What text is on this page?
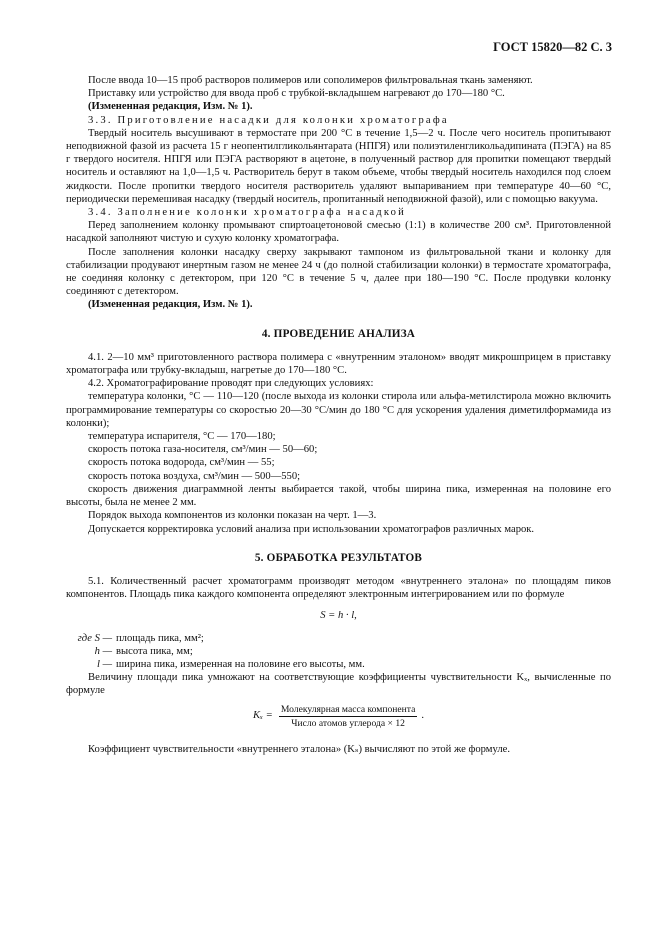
ГОСТ 15820—82 С. 3

После ввода 10—15 проб растворов полимеров или сополимеров фильтровальная ткань заменяют.

Приставку или устройство для ввода проб с трубкой-вкладышем нагревают до 170—180 °С.

(Измененная редакция, Изм. № 1).

3.3. Приготовление насадки для колонки хроматографа

Твердый носитель высушивают в термостате при 200 °С в течение 1,5—2 ч. После чего носитель пропитывают неподвижной фазой из расчета 15 г неопентилгликольянтарата (НПГЯ) или полиэтиленгликольадипината (ПЭГА) на 85 г твердого носителя. НПГЯ или ПЭГА растворяют в ацетоне, в полученный раствор для пропитки помещают твердый носитель и оставляют на 1,0—1,5 ч. Растворитель берут в таком объеме, чтобы твердый носитель находился под слоем жидкости. После пропитки твердого носителя растворитель удаляют выпариванием при температуре 40—60 °С, периодически перемешивая насадку (твердый носитель, пропитанный неподвижной фазой), или с помощью вакуума.

3.4. Заполнение колонки хроматографа насадкой

Перед заполнением колонку промывают спиртоацетоновой смесью (1:1) в количестве 200 см³. Приготовленной насадкой заполняют чистую и сухую колонку хроматографа.

После заполнения колонки насадку сверху закрывают тампоном из фильтровальной ткани и колонку для стабилизации продувают инертным газом не менее 24 ч (до полной стабилизации колонки) в термостате хроматографа, не соединяя колонку с детектором, при 120 °С в течение 5 ч, далее при 180—190 °С. После продувки колонку соединяют с детектором.

(Измененная редакция, Изм. № 1).

4. ПРОВЕДЕНИЕ АНАЛИЗА

4.1. 2—10 мм³ приготовленного раствора полимера с «внутренним эталоном» вводят микрошприцем в приставку хроматографа или трубку-вкладыш, нагретые до 170—180 °С.

4.2. Хроматографирование проводят при следующих условиях:

температура колонки, °С — 110—120 (после выхода из колонки стирола или альфа-метилстирола можно включить программирование температуры со скоростью 20—30 °С/мин до 180 °С для ускорения удаления диметилформамида из колонки);

температура испарителя, °С — 170—180;

скорость потока газа-носителя, см³/мин — 50—60;

скорость потока водорода, см³/мин — 55;

скорость потока воздуха, см³/мин — 500—550;

скорость движения диаграммной ленты выбирается такой, чтобы ширина пика, измеренная на половине его высоты, была не менее 2 мм.

Порядок выхода компонентов из колонки показан на черт. 1—3.

Допускается корректировка условий анализа при использовании хроматографов различных марок.

5. ОБРАБОТКА РЕЗУЛЬТАТОВ

5.1. Количественный расчет хроматограмм производят методом «внутреннего эталона» по площадям пиков компонентов. Площадь пика каждого компонента определяют электронным интегрированием или по формуле

S = h · l,
где S — площадь пика, мм²;
h — высота пика, мм;
l — ширина пика, измеренная на половине его высоты, мм.

Величину площади пика умножают на соответствующие коэффициенты чувствительности Kₓ, вычисленные по формуле

$K_x = \frac{\text{Молекулярная масса компонента}}{\text{Число атомов углерода × 12}}$ .

Коэффициент чувствительности «внутреннего эталона» (Kₛ) вычисляют по этой же формуле.
